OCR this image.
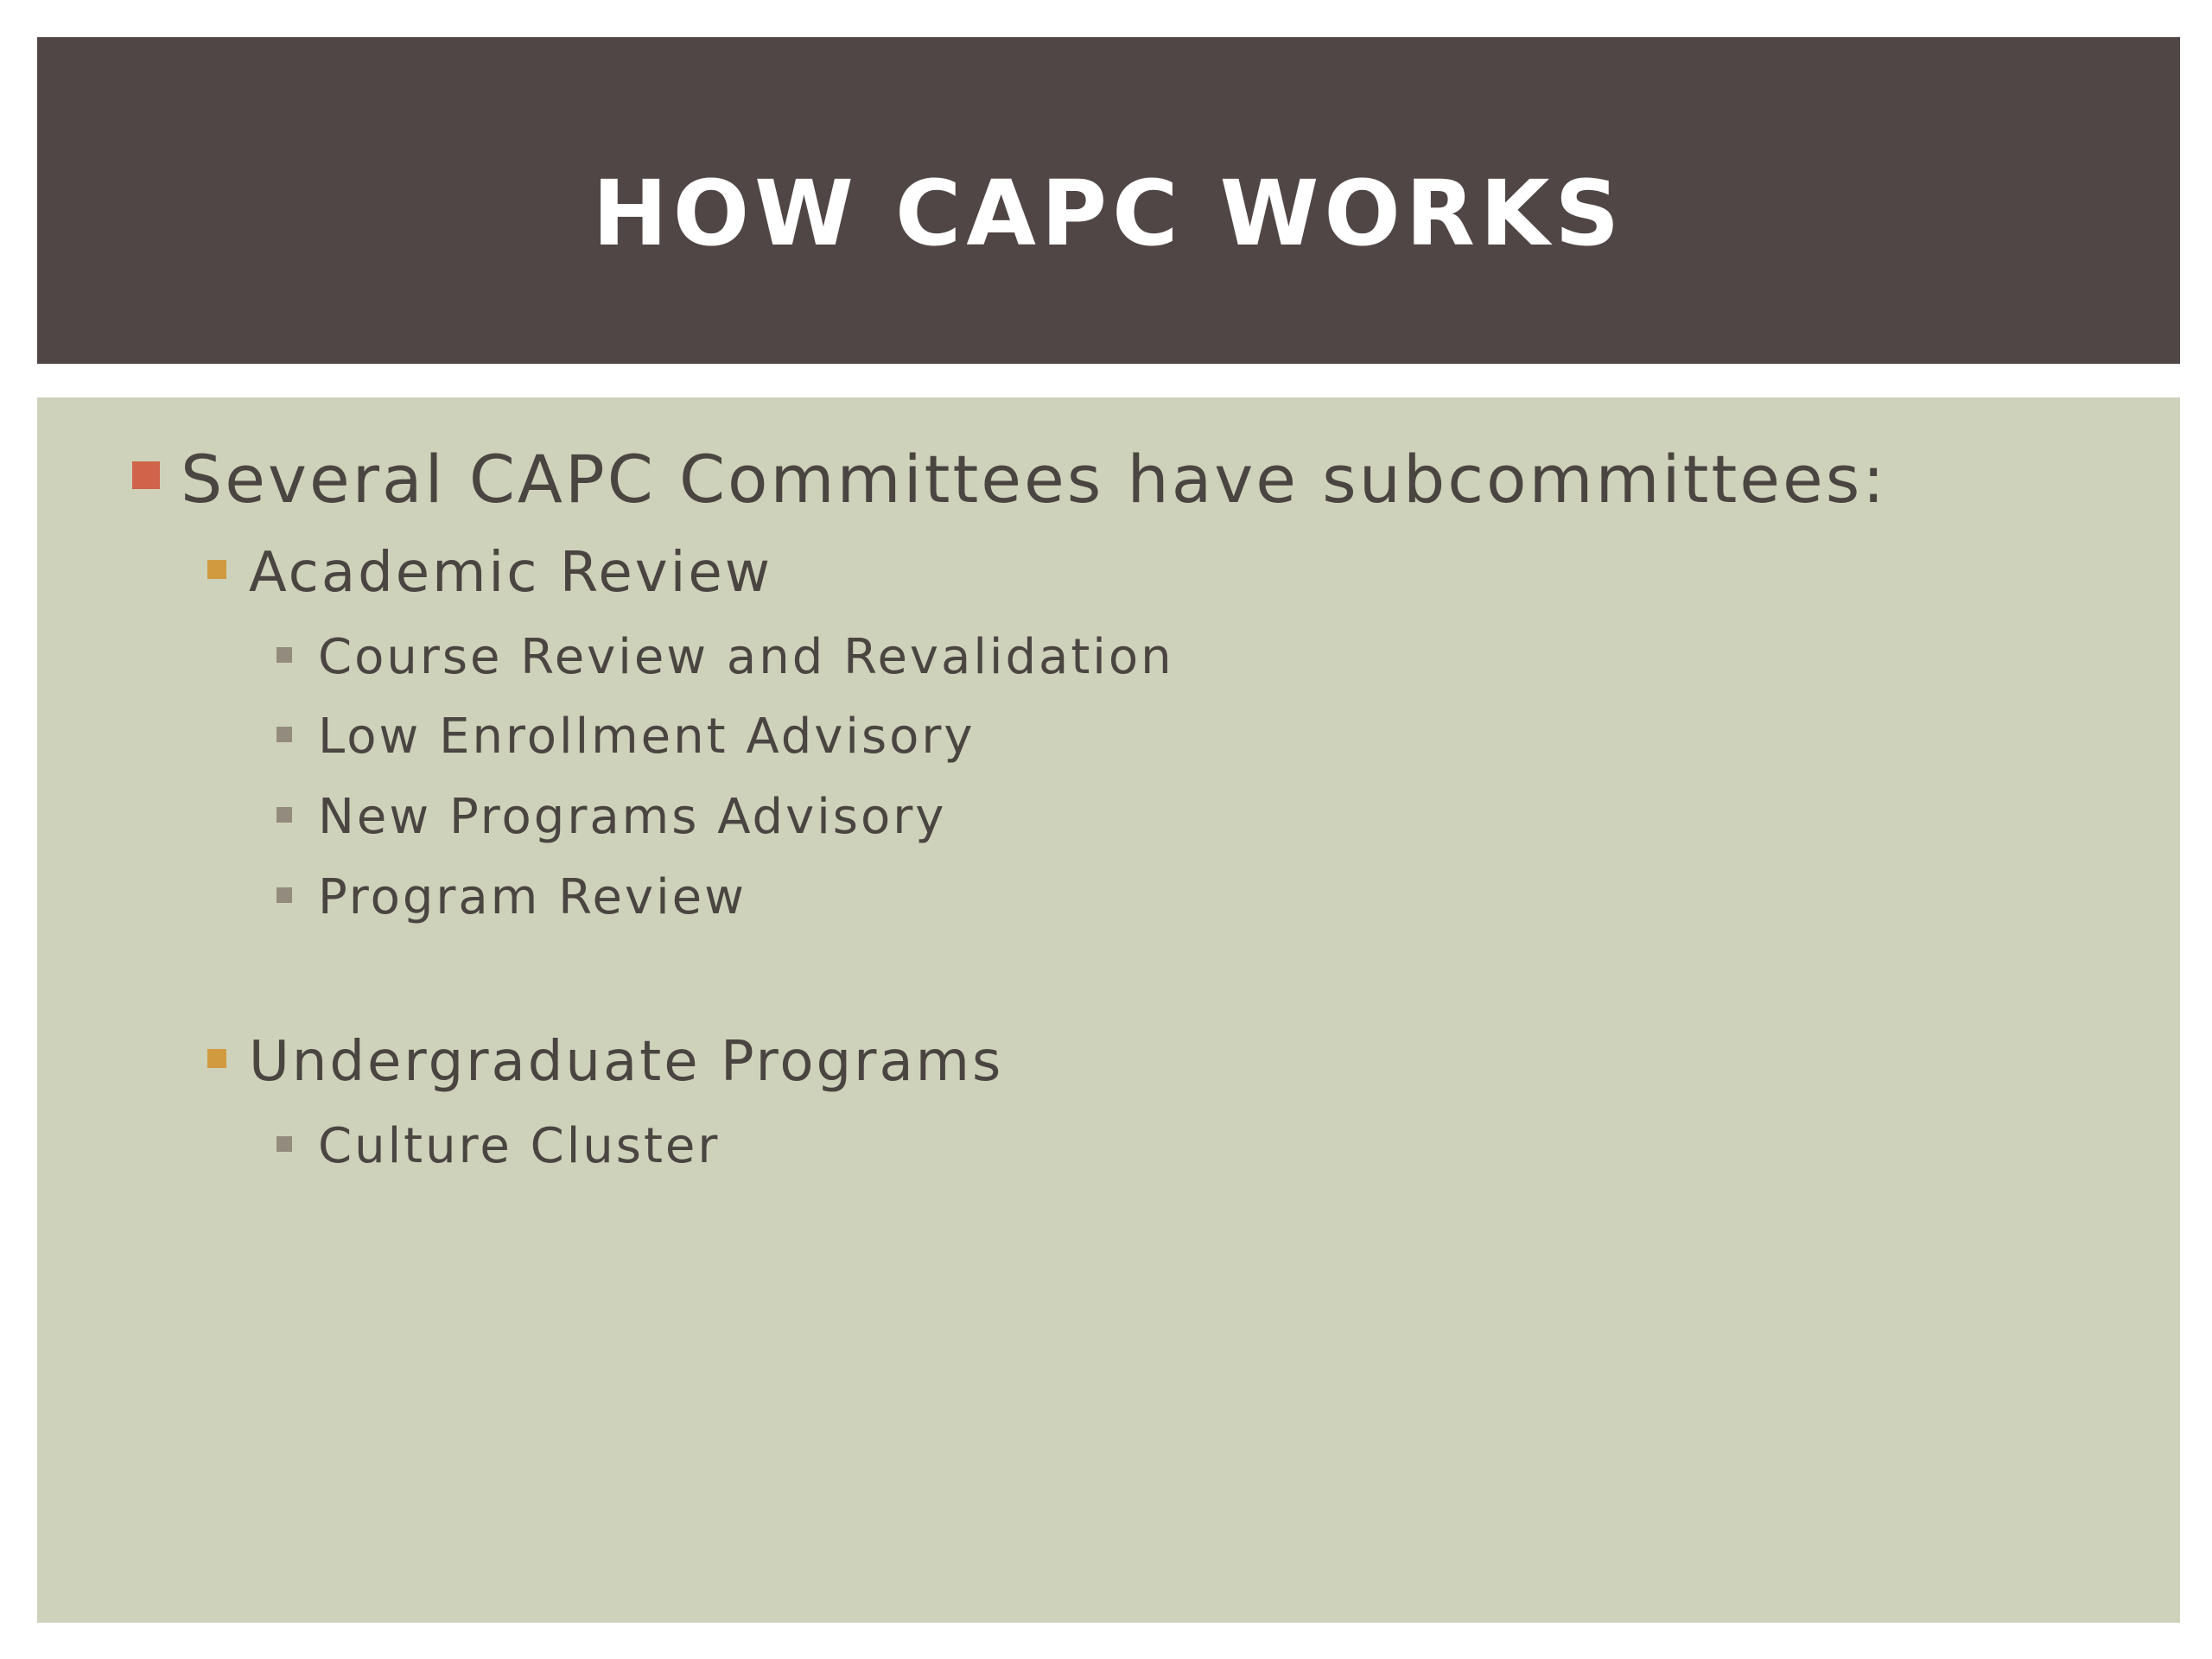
HOW CAPC WORKS
Several CAPC Committees have subcommittees:
Academic Review
Course Review and Revalidation
Low Enrollment Advisory
New Programs Advisory
Program Review
Undergraduate Programs
Culture Cluster
